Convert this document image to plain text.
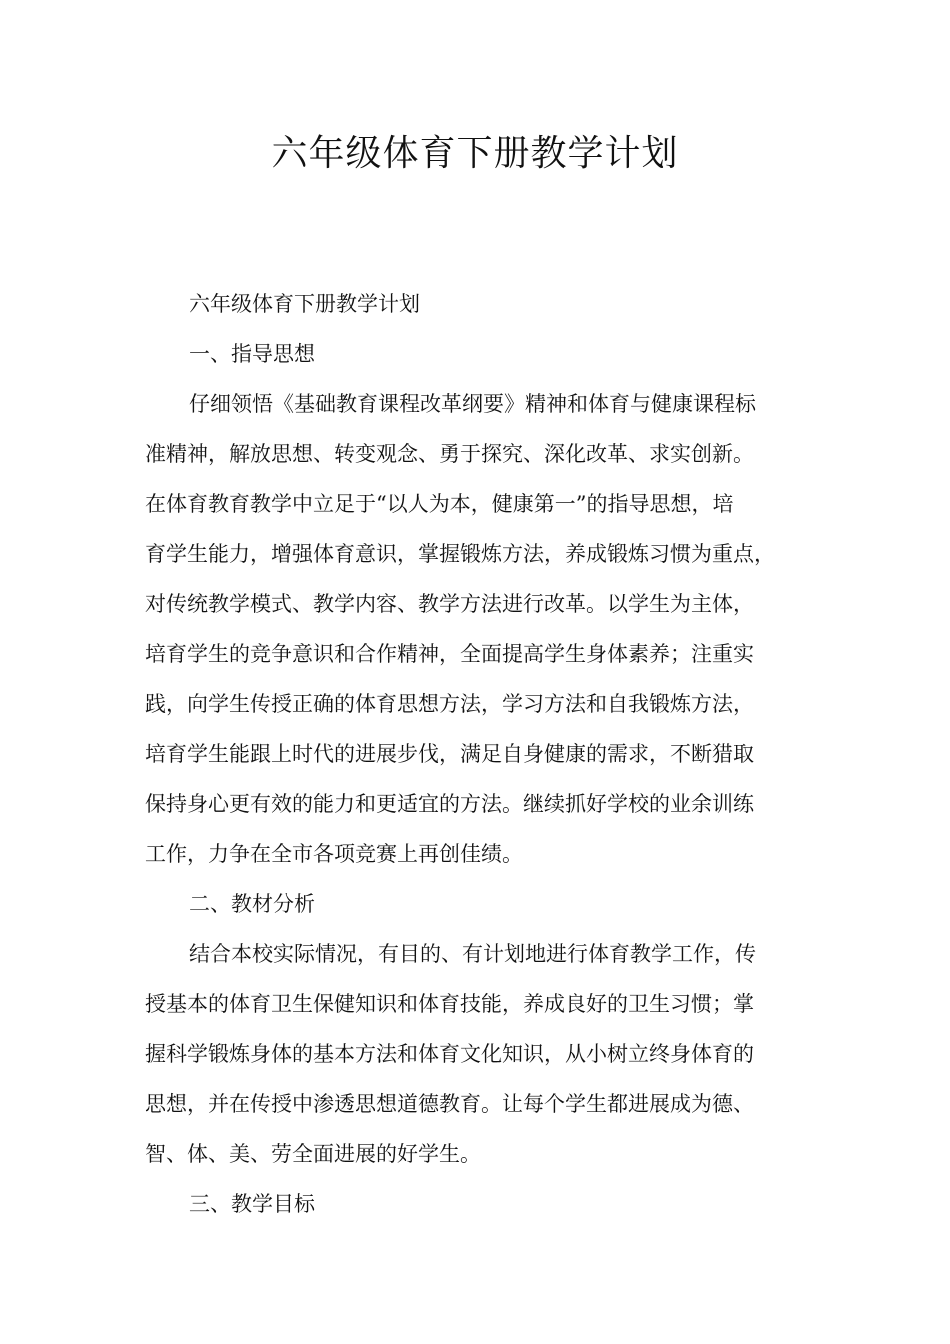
六年级体育下册教学计划
六年级体育下册教学计划
一、指导思想
仔细领悟《基础教育课程改革纲要》精神和体育与健康课程标
准精神，解放思想、转变观念、勇于探究、深化改革、求实创新。
在体育教育教学中立足于“以人为本，健康第一”的指导思想，培
育学生能力，增强体育意识，掌握锻炼方法，养成锻炼习惯为重点，
对传统教学模式、教学内容、教学方法进行改革。以学生为主体，
培育学生的竞争意识和合作精神，全面提高学生身体素养；注重实
践，向学生传授正确的体育思想方法，学习方法和自我锻炼方法，
培育学生能跟上时代的进展步伐，满足自身健康的需求，不断猎取
保持身心更有效的能力和更适宜的方法。继续抓好学校的业余训练
工作，力争在全市各项竞赛上再创佳绩。
二、教材分析
结合本校实际情况，有目的、有计划地进行体育教学工作，传
授基本的体育卫生保健知识和体育技能，养成良好的卫生习惯；掌
握科学锻炼身体的基本方法和体育文化知识，从小树立终身体育的
思想，并在传授中渗透思想道德教育。让每个学生都进展成为德、
智、体、美、劳全面进展的好学生。
三、教学目标
